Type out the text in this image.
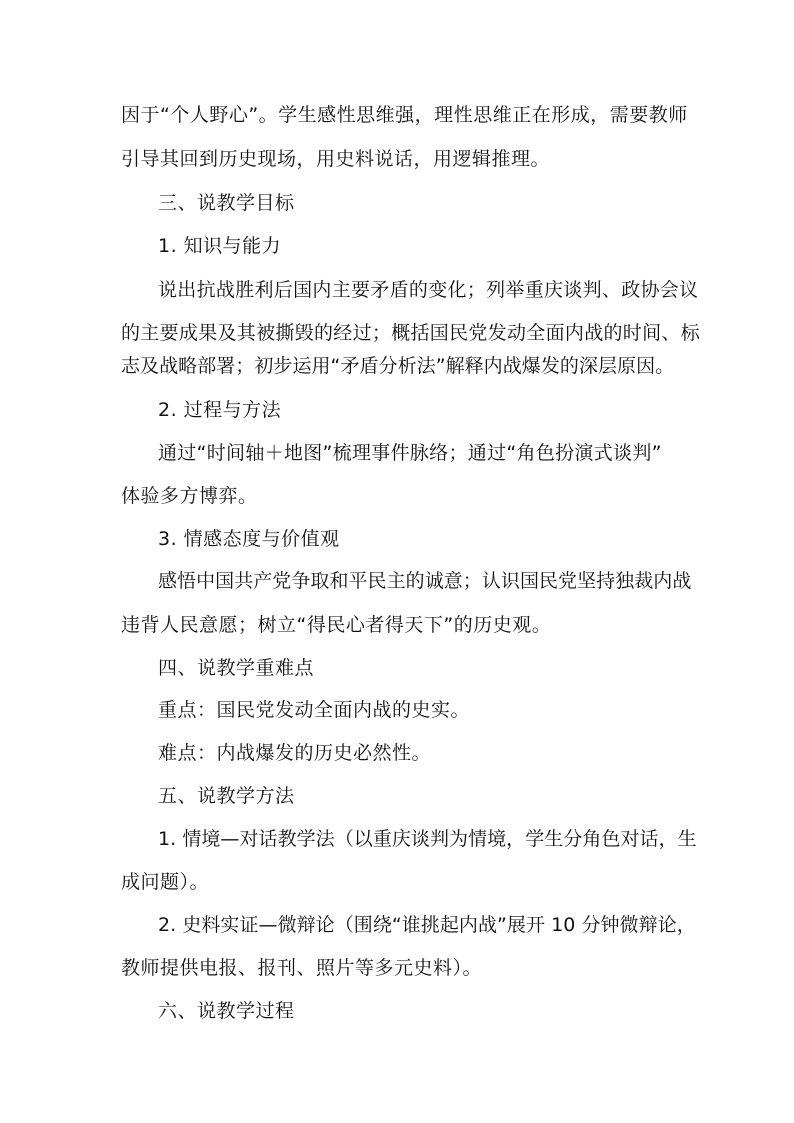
因于“个人野心”。学生感性思维强，理性思维正在形成，需要教师
引导其回到历史现场，用史料说话，用逻辑推理。
三、说教学目标
1. 知识与能力
说出抗战胜利后国内主要矛盾的变化；列举重庆谈判、政协会议
的主要成果及其被撕毁的经过；概括国民党发动全面内战的时间、标
志及战略部署；初步运用“矛盾分析法”解释内战爆发的深层原因。
2. 过程与方法
通过“时间轴＋地图”梳理事件脉络；通过“角色扮演式谈判”
体验多方博弈。
3. 情感态度与价值观
感悟中国共产党争取和平民主的诚意；认识国民党坚持独裁内战
违背人民意愿；树立“得民心者得天下”的历史观。
四、说教学重难点
重点：国民党发动全面内战的史实。
难点：内战爆发的历史必然性。
五、说教学方法
1. 情境—对话教学法（以重庆谈判为情境，学生分角色对话，生
成问题）。
2. 史料实证—微辩论（围绕“谁挑起内战”展开 10 分钟微辩论，
教师提供电报、报刊、照片等多元史料）。
六、说教学过程
